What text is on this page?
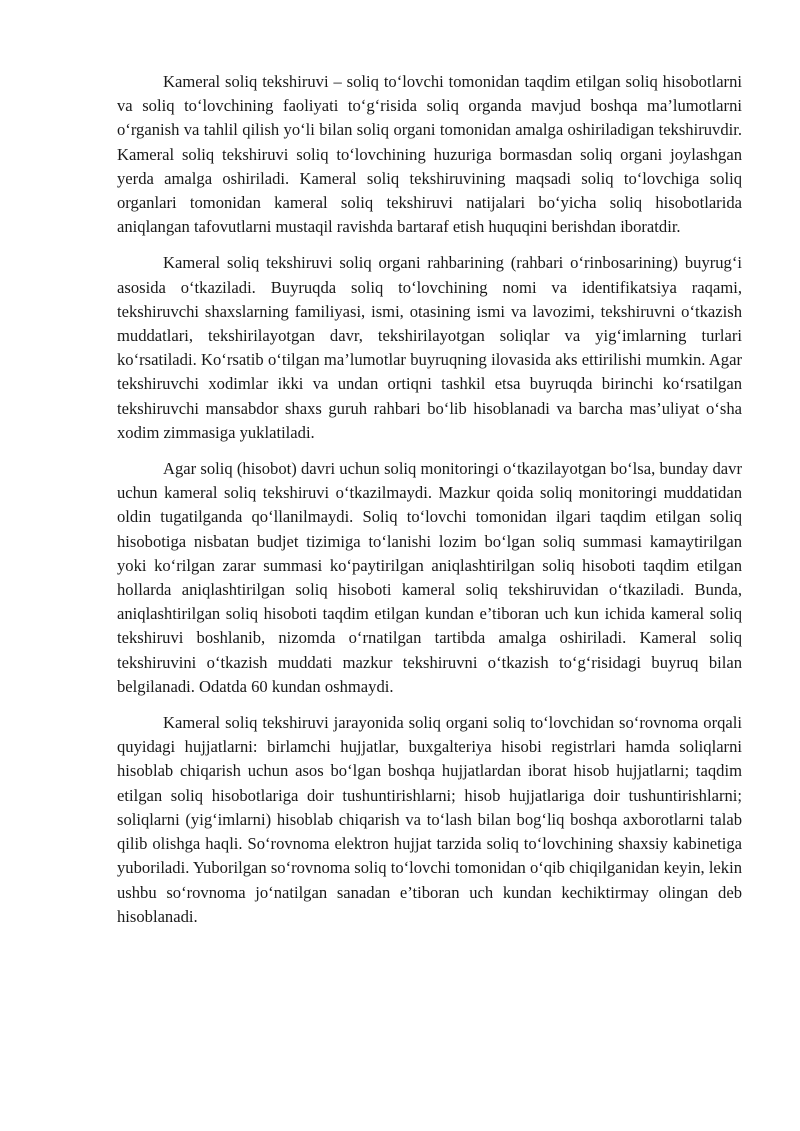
Kameral soliq tekshiruvi – soliq to‘lovchi tomonidan taqdim etilgan soliq hisobotlarni va soliq to‘lovchining faoliyati to‘g‘risida soliq organda mavjud boshqa ma’lumotlarni o‘rganish va tahlil qilish yo‘li bilan soliq organi tomonidan amalga oshiriladigan tekshiruvdir. Kameral soliq tekshiruvi soliq to‘lovchining huzuriga bormasdan soliq organi joylashgan yerda amalga oshiriladi. Kameral soliq tekshiruvining maqsadi soliq to‘lovchiga soliq organlari tomonidan kameral soliq tekshiruvi natijalari bo‘yicha soliq hisobotlarida aniqlangan tafovutlarni mustaqil ravishda bartaraf etish huquqini berishdan iboratdir.

Kameral soliq tekshiruvi soliq organi rahbarining (rahbari o‘rinbosarining) buyrug‘i asosida o‘tkaziladi. Buyruqda soliq to‘lovchining nomi va identifikatsiya raqami, tekshiruvchi shaxslarning familiyasi, ismi, otasining ismi va lavozimi, tekshiruvni o‘tkazish muddatlari, tekshirilayotgan davr, tekshirilayotgan soliqlar va yig‘imlarning turlari ko‘rsatiladi. Ko‘rsatib o‘tilgan ma’lumotlar buyruqning ilovasida aks ettirilishi mumkin. Agar tekshiruvchi xodimlar ikki va undan ortiqni tashkil etsa buyruqda birinchi ko‘rsatilgan tekshiruvchi mansabdor shaxs guruh rahbari bo‘lib hisoblanadi va barcha mas’uliyat o‘sha xodim zimmasiga yuklatiladi.

Agar soliq (hisobot) davri uchun soliq monitoringi o‘tkazilayotgan bo‘lsa, bunday davr uchun kameral soliq tekshiruvi o‘tkazilmaydi. Mazkur qoida soliq monitoringi muddatidan oldin tugatilganda qo‘llanilmaydi. Soliq to‘lovchi tomonidan ilgari taqdim etilgan soliq hisobotiga nisbatan budjet tizimiga to‘lanishi lozim bo‘lgan soliq summasi kamaytirilgan yoki ko‘rilgan zarar summasi ko‘paytirilgan aniqlashtirilgan soliq hisoboti taqdim etilgan hollarda aniqlashtirilgan soliq hisoboti kameral soliq tekshiruvidan o‘tkaziladi. Bunda, aniqlashtirilgan soliq hisoboti taqdim etilgan kundan e’tiboran uch kun ichida kameral soliq tekshiruvi boshlanib, nizomda o‘rnatilgan tartibda amalga oshiriladi. Kameral soliq tekshiruvini o‘tkazish muddati mazkur tekshiruvni o‘tkazish to‘g‘risidagi buyruq bilan belgilanadi. Odatda 60 kundan oshmaydi.

Kameral soliq tekshiruvi jarayonida soliq organi soliq to‘lovchidan so‘rovnoma orqali quyidagi hujjatlarni: birlamchi hujjatlar, buxgalteriya hisobi registrlari hamda soliqlarni hisoblab chiqarish uchun asos bo‘lgan boshqa hujjatlardan iborat hisob hujjatlarni; taqdim etilgan soliq hisobotlariga doir tushuntirishlarni; hisob hujjatlariga doir tushuntirishlarni; soliqlarni (yig‘imlarni) hisoblab chiqarish va to‘lash bilan bog‘liq boshqa axborotlarni talab qilib olishga haqli. So‘rovnoma elektron hujjat tarzida soliq to‘lovchining shaxsiy kabinetiga yuboriladi. Yuborilgan so‘rovnoma soliq to‘lovchi tomonidan o‘qib chiqilganidan keyin, lekin ushbu so‘rovnoma jo‘natilgan sanadan e’tiboran uch kundan kechiktirmay olingan deb hisoblanadi.
